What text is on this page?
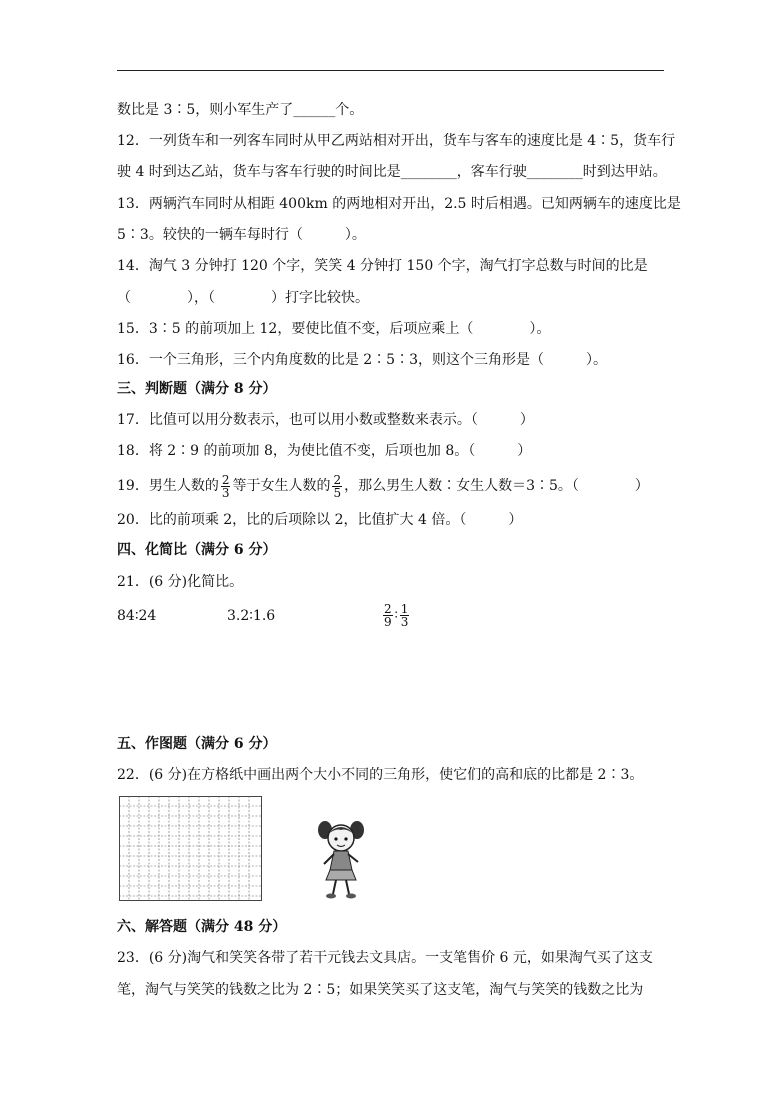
数比是 3∶5，则小军生产了______个。
12．一列货车和一列客车同时从甲乙两站相对开出，货车与客车的速度比是 4∶5，货车行
驶 4 时到达乙站，货车与客车行驶的时间比是________，客车行驶________时到达甲站。
13．两辆汽车同时从相距 400km 的两地相对开出，2.5 时后相遇。已知两辆车的速度比是
5∶3。较快的一辆车每时行（　　　）。
14．淘气 3 分钟打 120 个字，笑笑 4 分钟打 150 个字，淘气打字总数与时间的比是
（　　　　），（　　　　）打字比较快。
15．3∶5 的前项加上 12，要使比值不变，后项应乘上（　　　　）。
16．一个三角形，三个内角度数的比是 2∶5∶3，则这个三角形是（　　　）。
三、判断题（满分 8 分）
17．比值可以用分数表示，也可以用小数或整数来表示。（　　　）
18．将 2∶9 的前项加 8，为使比值不变，后项也加 8。（　　　）
19．男生人数的 $\frac{2}{3}$ 等于女生人数的 $\frac{2}{5}$ ，那么男生人数∶女生人数＝3∶5。（　　　　）
20．比的前项乘 2，比的后项除以 2，比值扩大 4 倍。（　　　）
四、化简比（满分 6 分）
21．(6 分)化简比。
84∶24	3.2∶1.6	$\frac{2}{9}$ ∶ $\frac{1}{3}$
五、作图题（满分 6 分）
22．(6 分)在方格纸中画出两个大小不同的三角形，使它们的高和底的比都是 2∶3。
六、解答题（满分 48 分）
23．(6 分)淘气和笑笑各带了若干元钱去文具店。一支笔售价 6 元，如果淘气买了这支
笔，淘气与笑笑的钱数之比为 2∶5；如果笑笑买了这支笔，淘气与笑笑的钱数之比为
